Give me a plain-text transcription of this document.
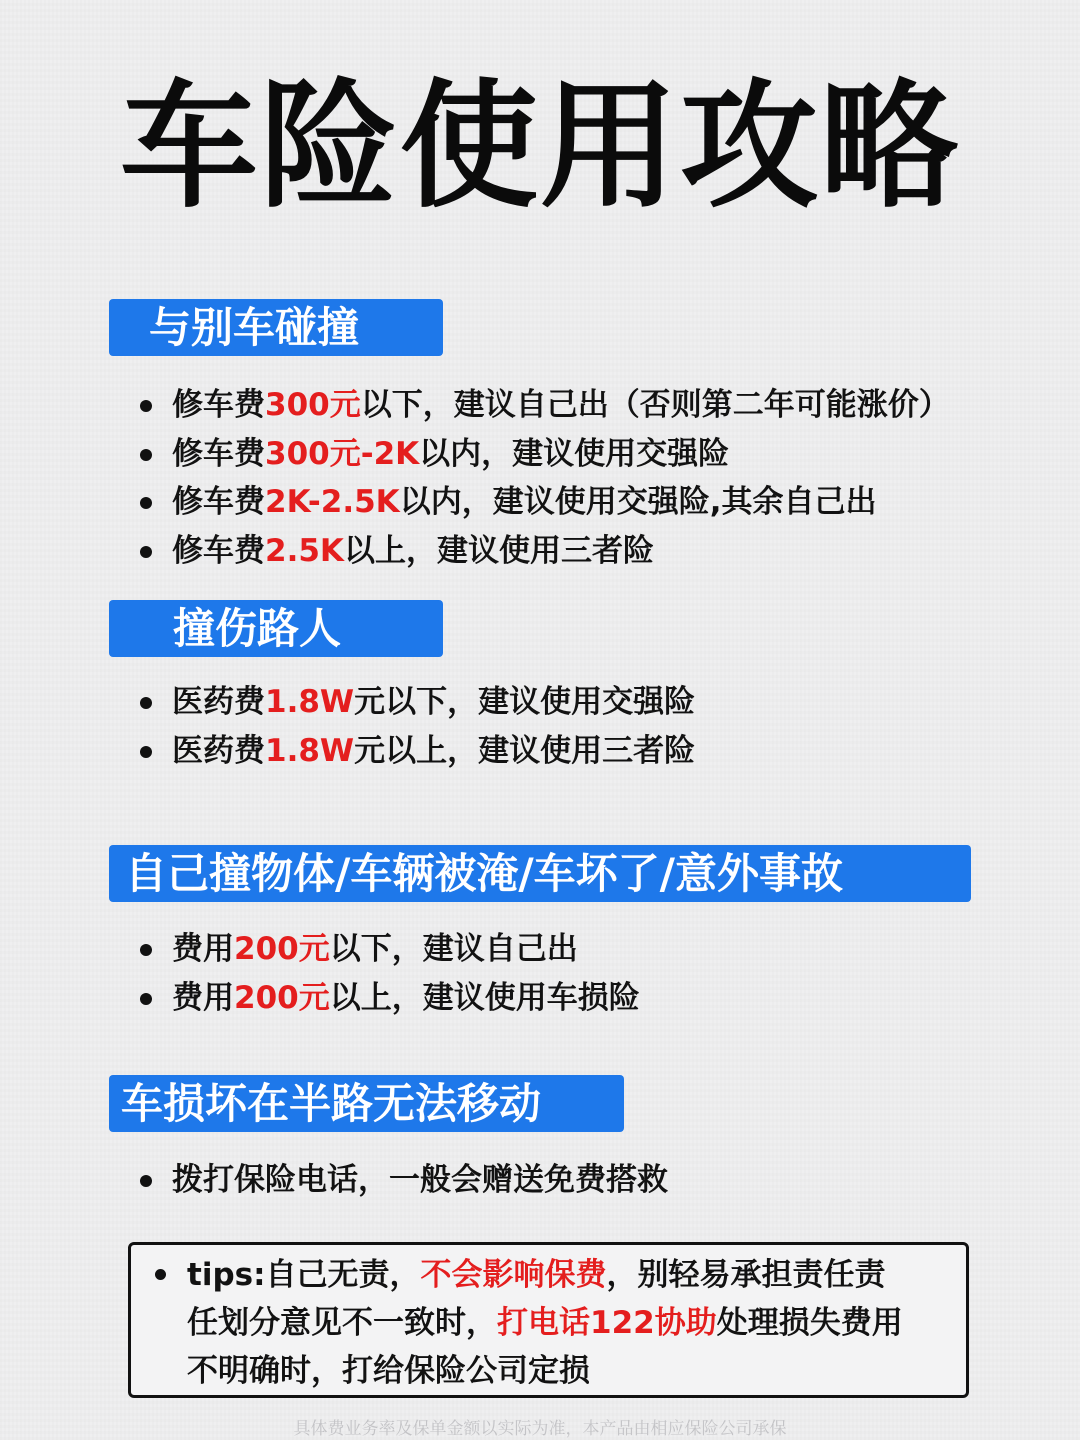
车险使用攻略
与别车碰撞
修车费300元以下，建议自己出（否则第二年可能涨价）
修车费300元-2K以内，建议使用交强险
修车费2K-2.5K以内，建议使用交强险,其余自己出
修车费2.5K以上，建议使用三者险
撞伤路人
医药费1.8W元以下，建议使用交强险
医药费1.8W元以上，建议使用三者险
自己撞物体/车辆被淹/车坏了/意外事故
费用200元以下，建议自己出
费用200元以上，建议使用车损险
车损坏在半路无法移动
拨打保险电话，一般会赠送免费搭救
tips:自己无责，不会影响保费，别轻易承担责任责
任划分意见不一致时，打电话122协助处理损失费用
不明确时，打给保险公司定损
具体费业务率及保单金额以实际为准，本产品由相应保险公司承保
